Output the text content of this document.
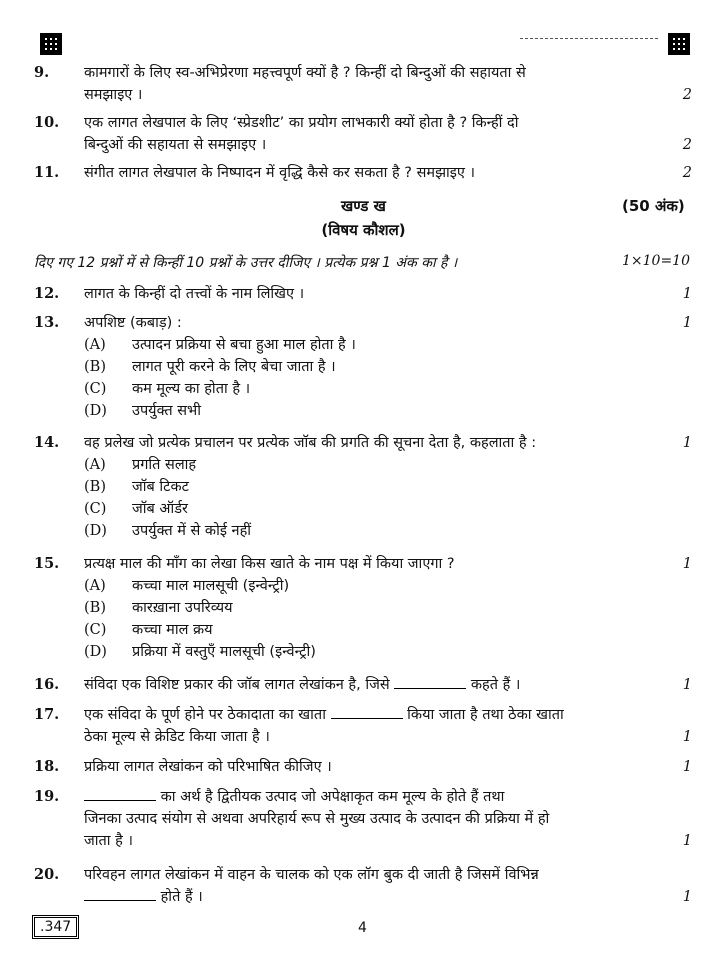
9. कामगारों के लिए स्व-अभिप्रेरणा महत्त्वपूर्ण क्यों है ? किन्हीं दो बिन्दुओं की सहायता से
समझाइए ।	2
10. एक लागत लेखपाल के लिए ‘स्प्रेडशीट’ का प्रयोग लाभकारी क्यों होता है ? किन्हीं दो
बिन्दुओं की सहायता से समझाइए ।	2
11. संगीत लागत लेखपाल के निष्पादन में वृद्धि कैसे कर सकता है ? समझाइए ।	2
खण्ड ख	(50 अंक)
(विषय कौशल)
दिए गए 12 प्रश्नों में से किन्हीं 10 प्रश्नों के उत्तर दीजिए । प्रत्येक प्रश्न 1 अंक का है ।	1×10=10
12. लागत के किन्हीं दो तत्त्वों के नाम लिखिए ।	1
13. अपशिष्ट (कबाड़) :	1
(A) उत्पादन प्रक्रिया से बचा हुआ माल होता है ।
(B) लागत पूरी करने के लिए बेचा जाता है ।
(C) कम मूल्य का होता है ।
(D) उपर्युक्त सभी
14. वह प्रलेख जो प्रत्येक प्रचालन पर प्रत्येक जॉब की प्रगति की सूचना देता है, कहलाता है :	1
(A) प्रगति सलाह
(B) जॉब टिकट
(C) जॉब ऑर्डर
(D) उपर्युक्त में से कोई नहीं
15. प्रत्यक्ष माल की माँग का लेखा किस खाते के नाम पक्ष में किया जाएगा ?	1
(A) कच्चा माल मालसूची (इन्वेन्ट्री)
(B) कारख़ाना उपरिव्यय
(C) कच्चा माल क्रय
(D) प्रक्रिया में वस्तुएँ मालसूची (इन्वेन्ट्री)
16. संविदा एक विशिष्ट प्रकार की जॉब लागत लेखांकन है, जिसे	कहते हैं ।	1
17. एक संविदा के पूर्ण होने पर ठेकादाता का खाता	किया जाता है तथा ठेका खाता
ठेका मूल्य से क्रेडिट किया जाता है ।	1
18. प्रक्रिया लागत लेखांकन को परिभाषित कीजिए ।	1
19.	का अर्थ है द्वितीयक उत्पाद जो अपेक्षाकृत कम मूल्य के होते हैं तथा
जिनका उत्पाद संयोग से अथवा अपरिहार्य रूप से मुख्य उत्पाद के उत्पादन की प्रक्रिया में हो
जाता है ।	1
20. परिवहन लागत लेखांकन में वाहन के चालक को एक लॉग बुक दी जाती है जिसमें विभिन्न
होते हैं ।	1
.347	4
